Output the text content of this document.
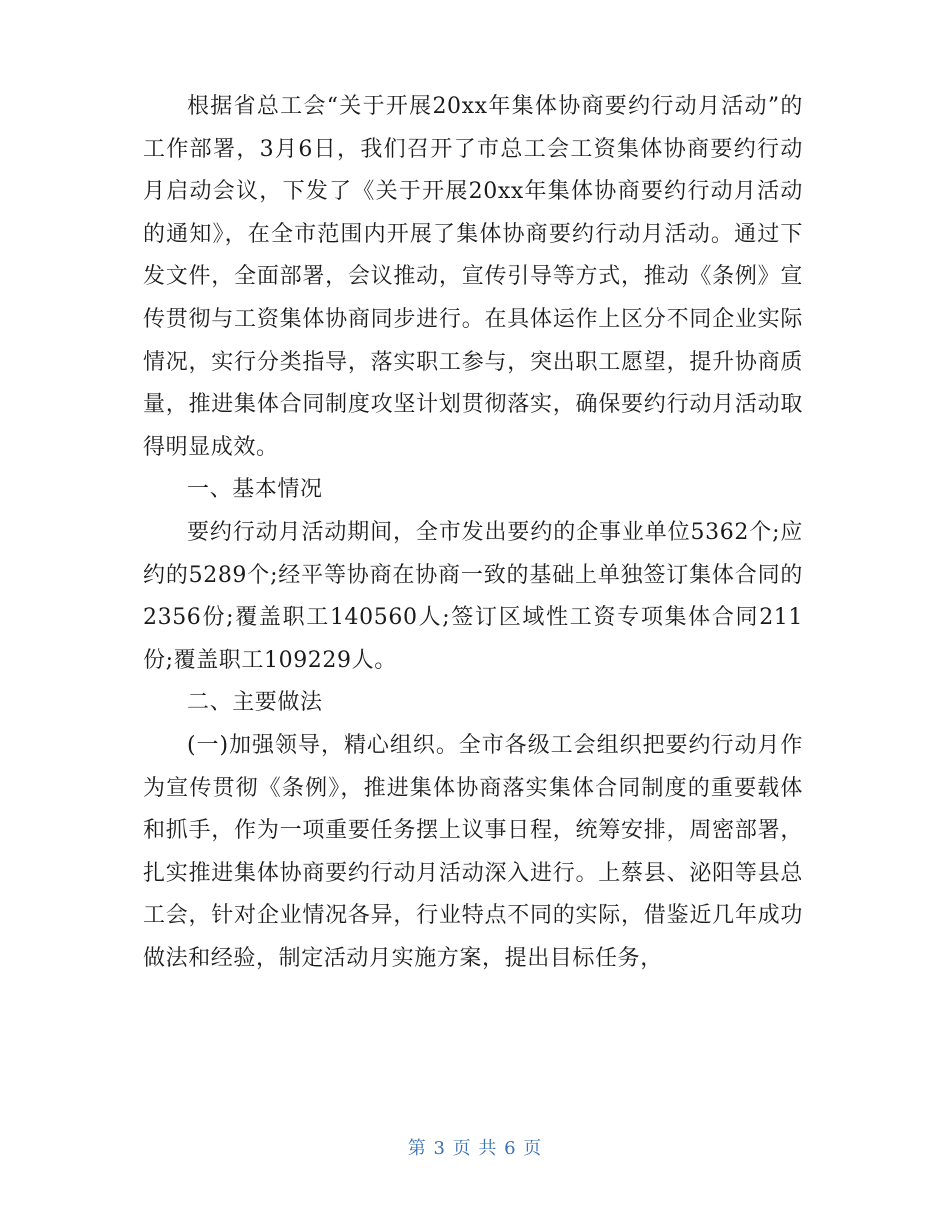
根据省总工会“关于开展20xx年集体协商要约行动月活动”的工作部署，3月6日，我们召开了市总工会工资集体协商要约行动月启动会议，下发了《关于开展20xx年集体协商要约行动月活动的通知》，在全市范围内开展了集体协商要约行动月活动。通过下发文件，全面部署，会议推动，宣传引导等方式，推动《条例》宣传贯彻与工资集体协商同步进行。在具体运作上区分不同企业实际情况，实行分类指导，落实职工参与，突出职工愿望，提升协商质量，推进集体合同制度攻坚计划贯彻落实，确保要约行动月活动取得明显成效。

一、基本情况

要约行动月活动期间，全市发出要约的企事业单位5362个;应约的5289个;经平等协商在协商一致的基础上单独签订集体合同的2356份;覆盖职工140560人;签订区域性工资专项集体合同211份;覆盖职工109229人。

二、主要做法

(一)加强领导，精心组织。全市各级工会组织把要约行动月作为宣传贯彻《条例》，推进集体协商落实集体合同制度的重要载体和抓手，作为一项重要任务摆上议事日程，统筹安排，周密部署，扎实推进集体协商要约行动月活动深入进行。上蔡县、泌阳等县总工会，针对企业情况各异，行业特点不同的实际，借鉴近几年成功做法和经验，制定活动月实施方案，提出目标任务，

第 3 页 共 6 页
